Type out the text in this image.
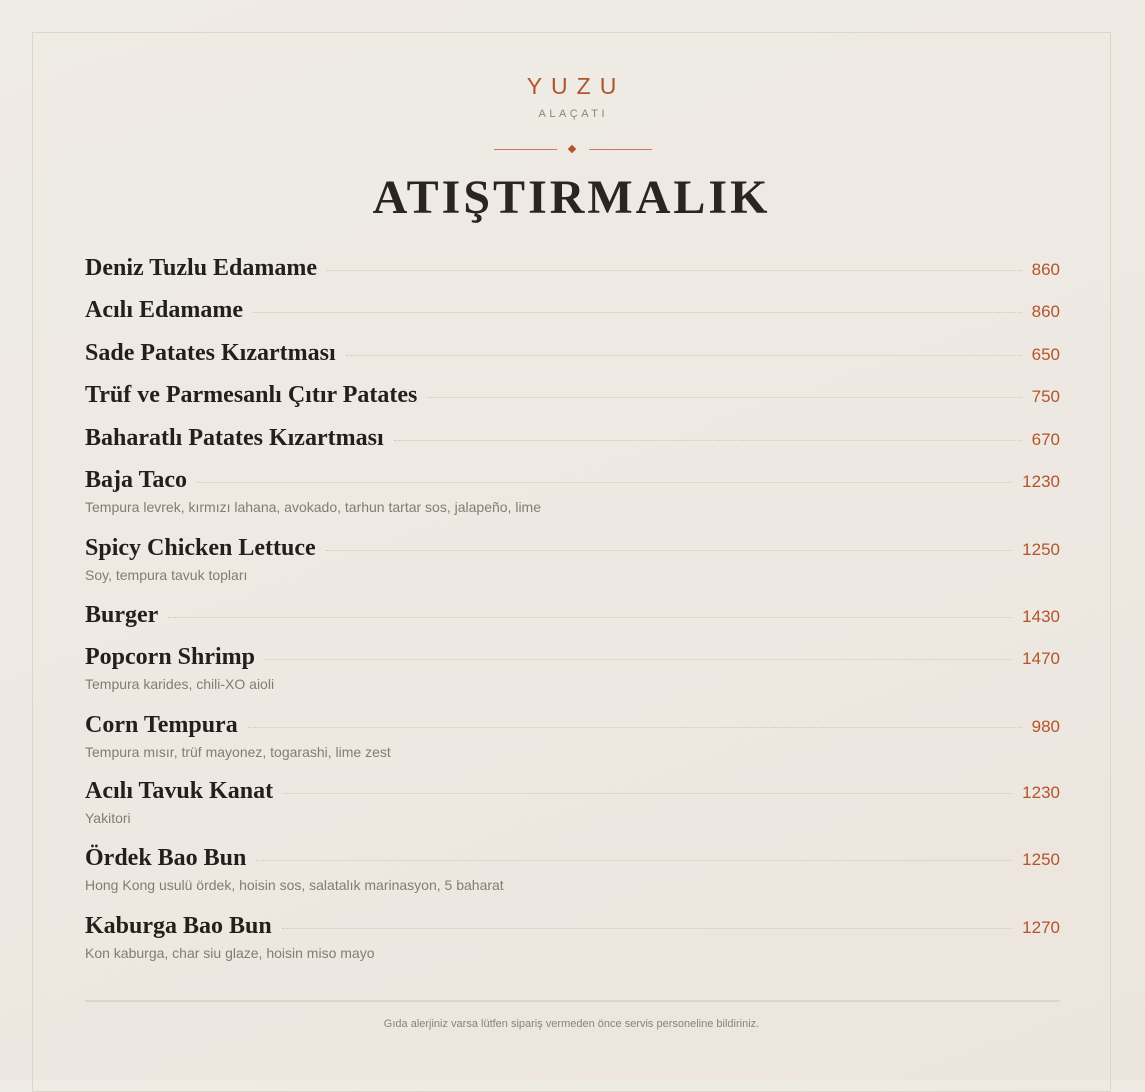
YUZU
ALAÇATI
ATIŞTIRMALIK
Deniz Tuzlu Edamame	860
Acılı Edamame	860
Sade Patates Kızartması	650
Trüf ve Parmesanlı Çıtır Patates	750
Baharatlı Patates Kızartması	670
Baja Taco	1230
Tempura levrek, kırmızı lahana, avokado, tarhun tartar sos, jalapeño, lime
Spicy Chicken Lettuce	1250
Soy, tempura tavuk topları
Burger	1430
Popcorn Shrimp	1470
Tempura karides, chili-XO aioli
Corn Tempura	980
Tempura mısır, trüf mayonez, togarashi, lime zest
Acılı Tavuk Kanat	1230
Yakitori
Ördek Bao Bun	1250
Hong Kong usulü ördek, hoisin sos, salatalık marinasyon, 5 baharat
Kaburga Bao Bun	1270
Kon kaburga, char siu glaze, hoisin miso mayo
Gıda alerjiniz varsa lütfen sipariş vermeden önce servis personeline bildiriniz.
